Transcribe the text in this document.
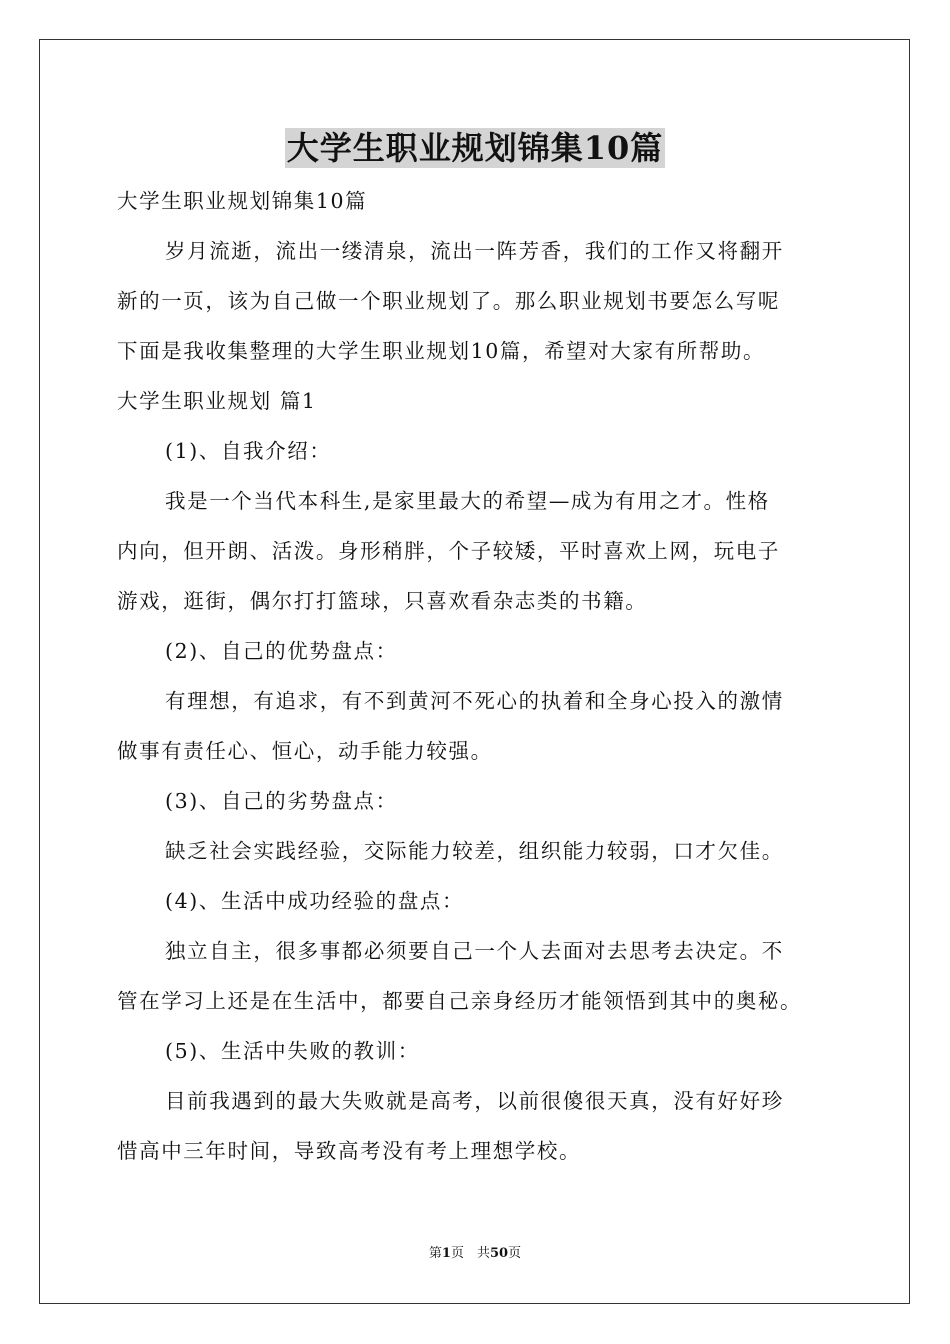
大学生职业规划锦集10篇
大学生职业规划锦集10篇
岁月流逝，流出一缕清泉，流出一阵芳香，我们的工作又将翻开
新的一页，该为自己做一个职业规划了。那么职业规划书要怎么写呢
下面是我收集整理的大学生职业规划10篇，希望对大家有所帮助。
大学生职业规划 篇1
(1)、自我介绍：
我是一个当代本科生,是家里最大的希望—成为有用之才。性格
内向，但开朗、活泼。身形稍胖，个子较矮，平时喜欢上网，玩电子
游戏，逛街，偶尔打打篮球，只喜欢看杂志类的书籍。
(2)、自己的优势盘点：
有理想，有追求，有不到黄河不死心的执着和全身心投入的激情
做事有责任心、恒心，动手能力较强。
(3)、自己的劣势盘点：
缺乏社会实践经验，交际能力较差，组织能力较弱，口才欠佳。
(4)、生活中成功经验的盘点：
独立自主，很多事都必须要自己一个人去面对去思考去决定。不
管在学习上还是在生活中，都要自己亲身经历才能领悟到其中的奥秘。
(5)、生活中失败的教训：
目前我遇到的最大失败就是高考，以前很傻很天真，没有好好珍
惜高中三年时间，导致高考没有考上理想学校。
第1页　共50页
